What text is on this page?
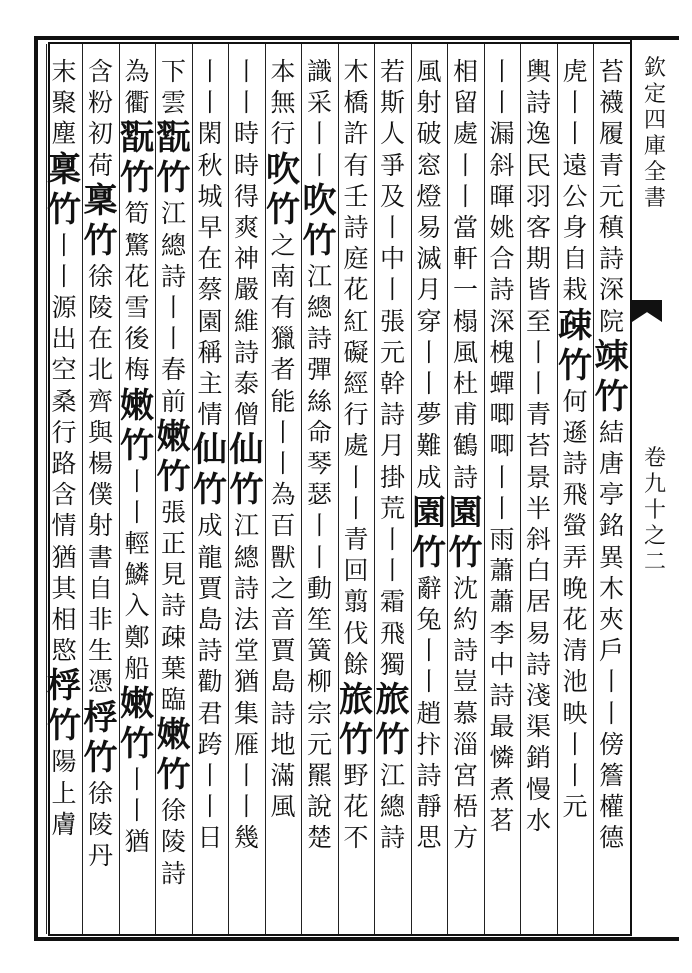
欽
定
四
庫
全
書
卷
九
十
之
二
苔
襪
履
青
元
稹
詩
深
院
竦
竹
結
唐
亭
銘
異
木
夾
戶
丨
丨
傍
簷
權
德
虎
丨
丨
遠
公
身
自
栽
疎
竹
何
遜
詩
飛
螢
弄
晚
花
清
池
映
丨
丨
元
輿
詩
逸
民
羽
客
期
皆
至
丨
丨
青
苔
景
半
斜
白
居
易
詩
淺
渠
銷
慢
水
丨
丨
漏
斜
暉
姚
合
詩
深
槐
蟬
唧
唧
丨
丨
雨
蕭
蕭
李
中
詩
最
憐
煮
茗
相
留
處
丨
丨
當
軒
一
榻
風
杜
甫
鶴
詩
園
竹
沈
約
詩
豈
慕
淄
宮
梧
方
風
射
破
窓
燈
易
滅
月
穿
丨
丨
夢
難
成
園
竹
辭
兔
丨
丨
趙
抃
詩
靜
思
若
斯
人
爭
及
丨
中
丨
張
元
幹
詩
月
掛
荒
丨
丨
霜
飛
獨
旅
竹
江
總
詩
木
橋
許
有
壬
詩
庭
花
紅
礙
經
行
處
丨
丨
青
回
翦
伐
餘
旅
竹
野
花
不
識
采
丨
丨
吹
竹
江
總
詩
彈
絲
命
琴
瑟
丨
丨
動
笙
簧
柳
宗
元
羆
說
楚
本
無
行
吹
竹
之
南
有
獵
者
能
丨
丨
為
百
獸
之
音
賈
島
詩
地
滿
風
丨
丨
時
時
得
爽
神
嚴
維
詩
泰
僧
仙
竹
江
總
詩
法
堂
猶
集
雁
丨
丨
幾
丨
丨
閑
秋
城
早
在
蔡
園
稱
主
情
仙
竹
成
龍
賈
島
詩
勸
君
跨
丨
丨
日
下
雲
翫
竹
江
總
詩
丨
丨
春
前
嫩
竹
張
正
見
詩
疎
葉
臨
嫩
竹
徐
陵
詩
為
衢
翫
竹
筍
驚
花
雪
後
梅
嫩
竹
丨
丨
輕
鱗
入
鄭
船
嫩
竹
丨
丨
猶
含
粉
初
荷
稟
竹
徐
陵
在
北
齊
與
楊
僕
射
書
自
非
生
憑
桴
竹
徐
陵
丹
末
聚
塵
稟
竹
丨
丨
源
出
空
桑
行
路
含
情
猶
其
相
愍
桴
竹
陽
上
膚
